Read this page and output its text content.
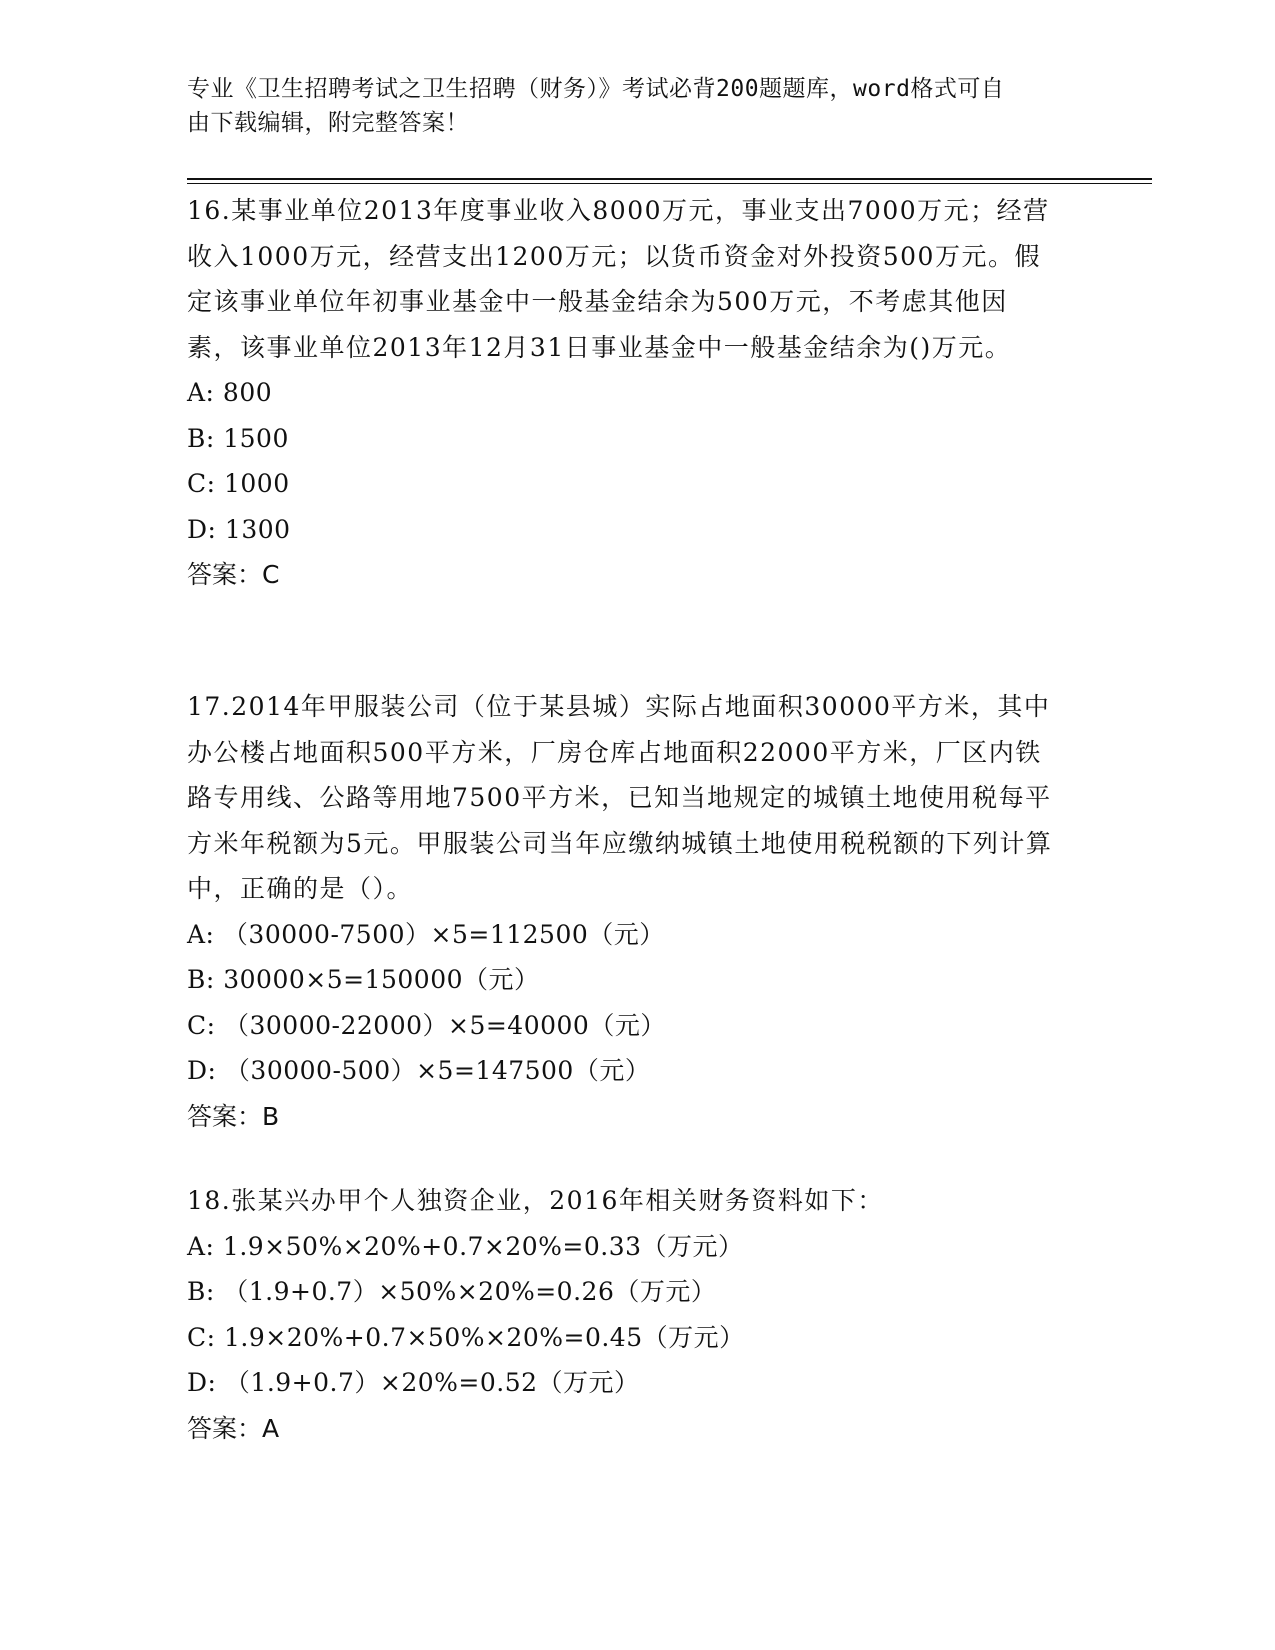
专业《卫生招聘考试之卫生招聘（财务）》考试必背200题题库，word格式可自
由下载编辑，附完整答案！

16.某事业单位2013年度事业收入8000万元，事业支出7000万元；经营收入1000万元，经营支出1200万元；以货币资金对外投资500万元。假定该事业单位年初事业基金中一般基金结余为500万元，不考虑其他因素，该事业单位2013年12月31日事业基金中一般基金结余为()万元。

A: 800

B: 1500

C: 1000

D: 1300

答案：C

17.2014年甲服装公司（位于某县城）实际占地面积30000平方米，其中办公楼占地面积500平方米，厂房仓库占地面积22000平方米，厂区内铁路专用线、公路等用地7500平方米，已知当地规定的城镇土地使用税每平方米年税额为5元。甲服装公司当年应缴纳城镇土地使用税税额的下列计算中，正确的是（）。

A: （30000-7500）×5=112500（元）

B: 30000×5=150000（元）

C: （30000-22000）×5=40000（元）

D: （30000-500）×5=147500（元）

答案：B

18.张某兴办甲个人独资企业，2016年相关财务资料如下：

A: 1.9×50%×20%+0.7×20%=0.33（万元）

B: （1.9+0.7）×50%×20%=0.26（万元）

C: 1.9×20%+0.7×50%×20%=0.45（万元）

D: （1.9+0.7）×20%=0.52（万元）

答案：A
